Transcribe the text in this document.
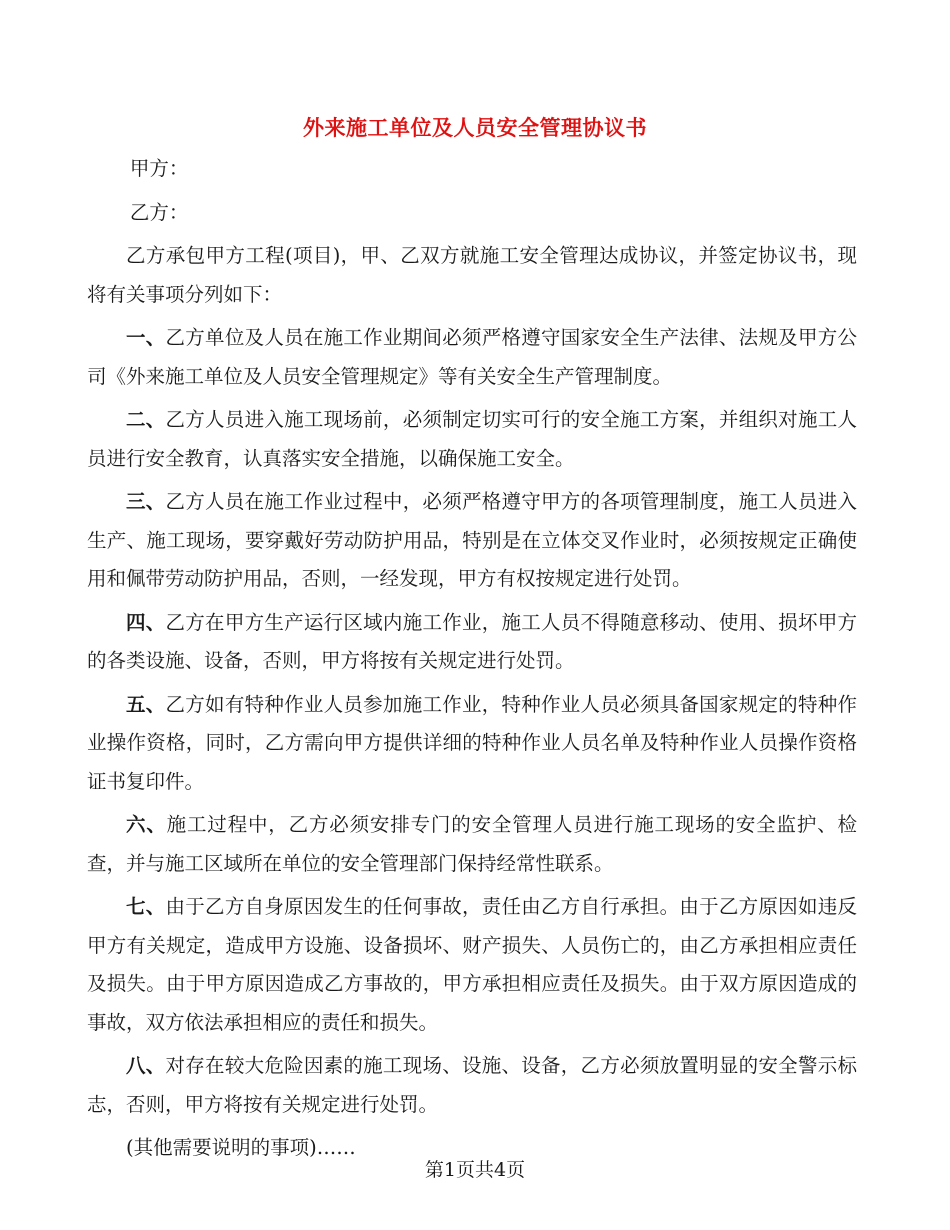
外来施工单位及人员安全管理协议书

甲方：

乙方：

乙方承包甲方工程(项目)，甲、乙双方就施工安全管理达成协议，并签定协议书，现将有关事项分列如下：

一、乙方单位及人员在施工作业期间必须严格遵守国家安全生产法律、法规及甲方公司《外来施工单位及人员安全管理规定》等有关安全生产管理制度。

二、乙方人员进入施工现场前，必须制定切实可行的安全施工方案，并组织对施工人员进行安全教育，认真落实安全措施，以确保施工安全。

三、乙方人员在施工作业过程中，必须严格遵守甲方的各项管理制度，施工人员进入生产、施工现场，要穿戴好劳动防护用品，特别是在立体交叉作业时，必须按规定正确使用和佩带劳动防护用品，否则，一经发现，甲方有权按规定进行处罚。

四、乙方在甲方生产运行区域内施工作业，施工人员不得随意移动、使用、损坏甲方的各类设施、设备，否则，甲方将按有关规定进行处罚。

五、乙方如有特种作业人员参加施工作业，特种作业人员必须具备国家规定的特种作业操作资格，同时，乙方需向甲方提供详细的特种作业人员名单及特种作业人员操作资格证书复印件。

六、施工过程中，乙方必须安排专门的安全管理人员进行施工现场的安全监护、检查，并与施工区域所在单位的安全管理部门保持经常性联系。

七、由于乙方自身原因发生的任何事故，责任由乙方自行承担。由于乙方原因如违反甲方有关规定，造成甲方设施、设备损坏、财产损失、人员伤亡的，由乙方承担相应责任及损失。由于甲方原因造成乙方事故的，甲方承担相应责任及损失。由于双方原因造成的事故，双方依法承担相应的责任和损失。

八、对存在较大危险因素的施工现场、设施、设备，乙方必须放置明显的安全警示标志，否则，甲方将按有关规定进行处罚。

(其他需要说明的事项)……

第1页共4页
